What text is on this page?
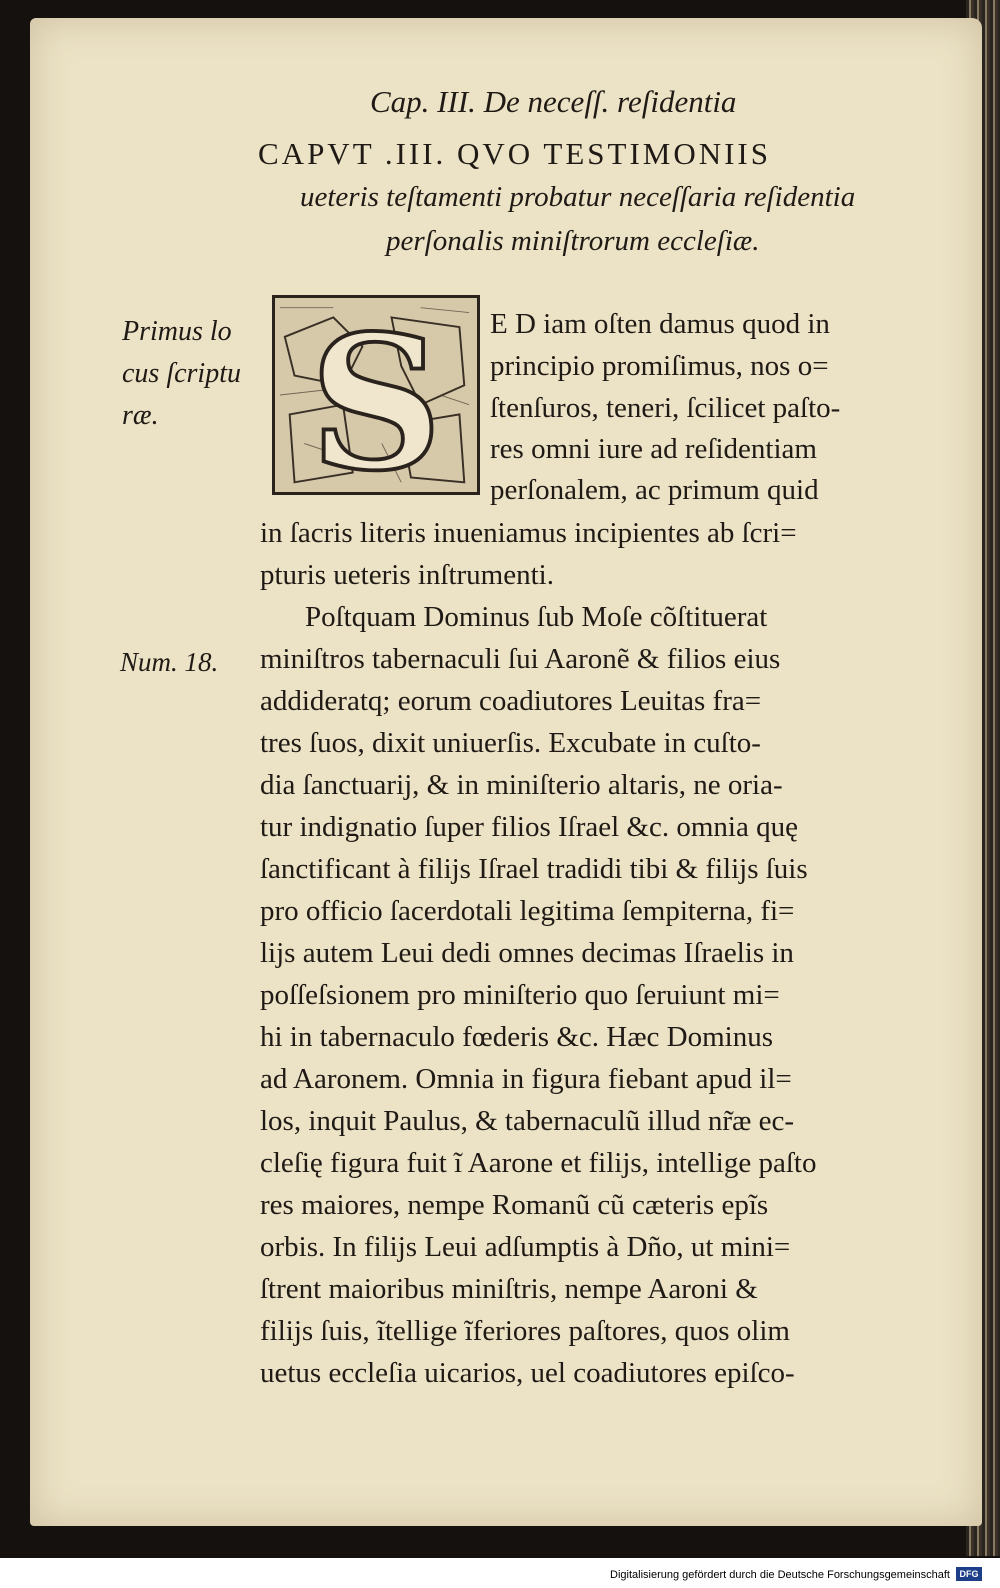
Cap. III. De neceſſ. reſidentia
CAPVT .III. QVO TESTIMONIIS
ueteris teſtamenti probatur neceſſaria reſidentia
perſonalis miniſtrorum eccleſiæ.
Primus lo
cus ſcriptu
ræ.
Num. 18.
S E D iam oſten damus quod in
principio promiſimus, nos o=
ſtenſuros, teneri, ſcilicet paſto-
res omni iure ad reſidentiam
perſonalem, ac primum quid
in ſacris literis inueniamus incipientes ab ſcri=
pturis ueteris inſtrumenti.
Poſtquam Dominus ſub Moſe cõſtituerat
miniſtros tabernaculi ſui Aaronẽ & filios eius
addideratq; eorum coadiutores Leuitas fra=
tres ſuos, dixit uniuerſis. Excubate in cuſto-
dia ſanctuarij, & in miniſterio altaris, ne oria-
tur indignatio ſuper filios Iſrael &c. omnia quę
ſanctificant à filijs Iſrael tradidi tibi & filijs ſuis
pro officio ſacerdotali legitima ſempiterna, fi=
lijs autem Leui dedi omnes decimas Iſraelis in
poſſeſsionem pro miniſterio quo ſeruiunt mi=
hi in tabernaculo fœderis &c. Hæc Dominus
ad Aaronem. Omnia in figura fiebant apud il=
los, inquit Paulus, & tabernaculũ illud nr̃æ ec-
cleſię figura fuit ĩ Aarone et filijs, intellige paſto
res maiores, nempe Romanũ cũ cæteris epĩs
orbis. In filijs Leui adſumptis à Dño, ut mini=
ſtrent maioribus miniſtris, nempe Aaroni &
filijs ſuis, ĩtellige ĩferiores paſtores, quos olim
uetus eccleſia uicarios, uel coadiutores epiſco-
Digitalisierung gefördert durch die Deutsche Forschungsgemeinschaft	DFG
